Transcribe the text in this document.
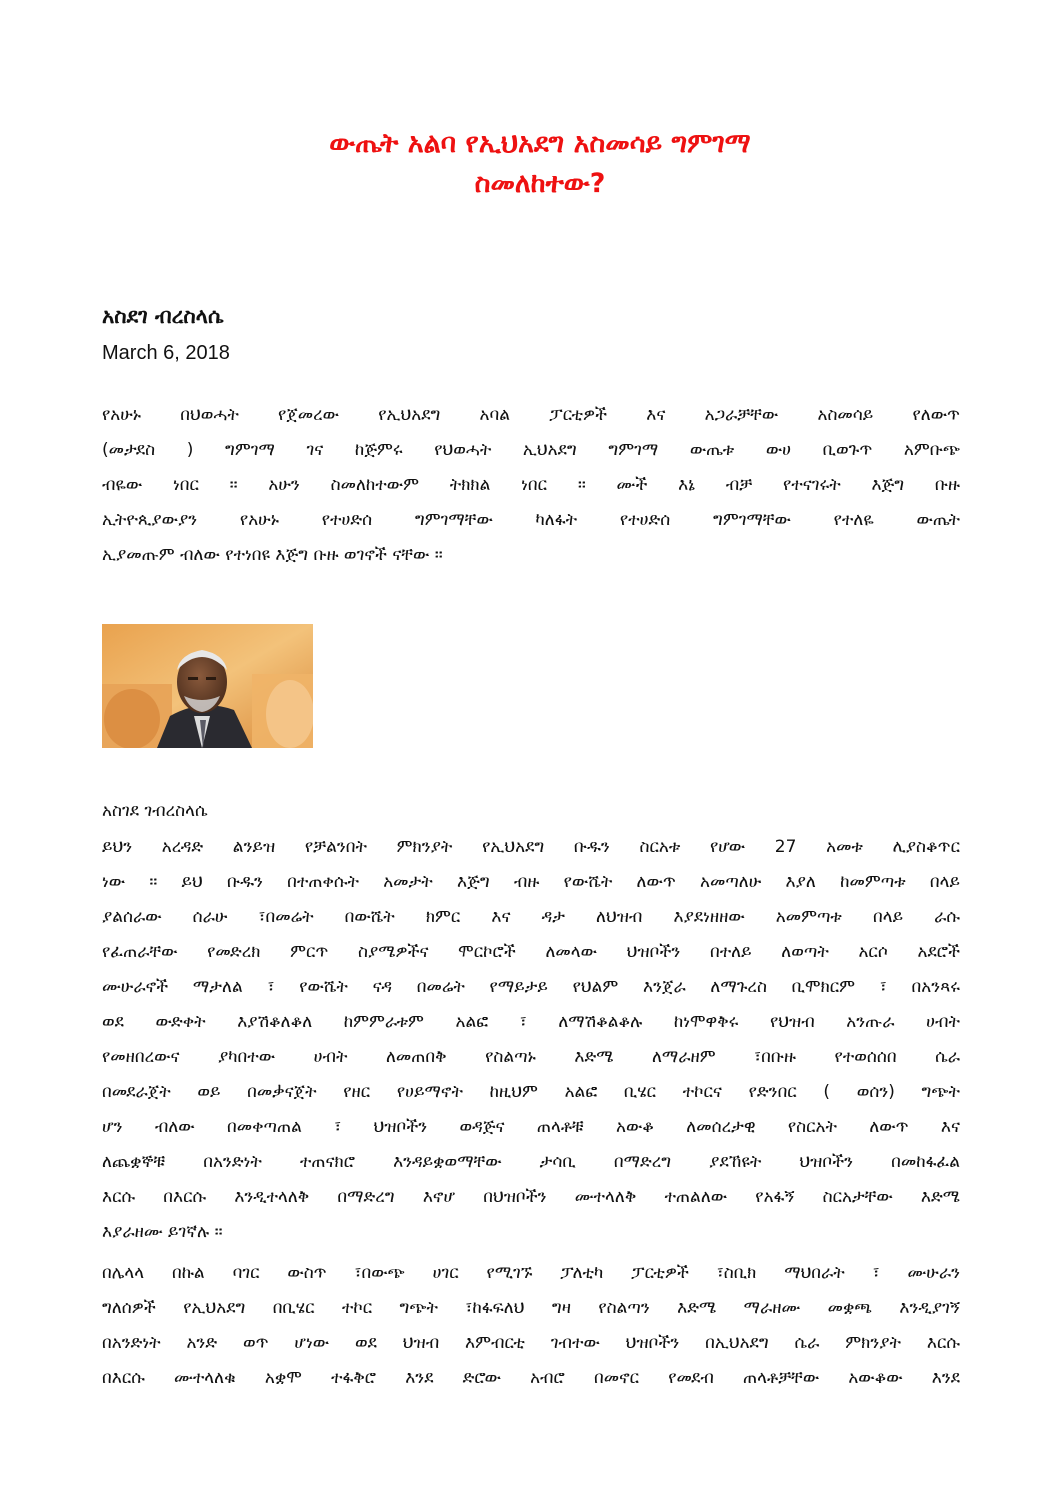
ውጤት አልባ የኢህአደግ አስመሳይ ግምገማ
ስመለከተው?

አስደገ ብረስላሴ

March 6, 2018

የአሁኑ በህወሓት የጀመረው የኢህአደግ አባል ፓርቲዎች እና አጋራቻቸው አስመሳይ የለውጥ
(መታደስ ) ግምገማ ገና ከጅምሩ የህወሓት ኢህአደግ ግምገማ ውጤቱ ውሀ ቢወጉጥ አምቡጭ
ብዬው ነበር ። አሁን ስመለከተውም ትክክል ነበር ። ሙች እኔ ብቻ የተናገሩት እጅግ ቡዙ
ኢትዮጲያውያን የአሁኑ የተሀድሰ ግምገማቸው ካለፋት የተሀድሰ ግምገማቸው የተለዬ ውጤት
ኢያመጡም ብለው የተነበዩ እጅግ ቡዙ ወገኖች ናቸው ።

አስገደ ገብረስላሴ

ይህን አረዳድ ልንይዝ የቻልንበት ምክንያት የኢህአደግ ቡዱን ስርአቱ የሆው 27 አመቱ ሊያስቆጥር
ነው ። ይህ ቡዱን በተጠቀሱት አመታት እጅግ ብዙ የውሼት ለውጥ አመጣለሁ እያለ ከመምጣቱ በላይ
ያልሰራው ሰራሁ ፣በመሬት በውሼት ክምር እና ዳታ ለህዝብ እያደነዘዘው አመምጣቱ በላይ ራሱ
የፈጠራቸው የመድረክ ምርጥ ስያሜዎችና ሞርኮሮች ለመላው ህዝቦችን በተለይ ለወጣት አርሶ አደሮች
ሙሁራኖች ማታለል ፣ የውሼት ናዳ በመሬት የማይታይ የህልም እንጀራ ለማጉረስ ቢሞክርም ፣ በአንጻሩ
ወደ ውድቀት እያሽቆለቆለ ከምምራቱም አልፎ ፣ ለማሽቆልቆሉ ከነሞዋቅሩ የህዝብ አንጡራ ሀብት
የመዘበረውና ያካበተው ሀብት ለመጠበቅ የስልጣኑ እድሜ ለማራዘም ፣በቡዙ የተወሰሰበ ሴራ
በመደራጀት ወይ በመቃናጀት የዘር የሀይማኖት ከዚህም አልፎ ቢሄር ተኮርና የድንበር ( ወሰን) ግጭት
ሆን ብለው በመቀጣጠል ፣ ህዝቦችን ወዳጅና ጠላቶቹ አውቆ ለመሰረታዊ የስርአት ለውጥ እና
ለጨቋኞቹ በአንድነት ተጠናክሮ እንዳይቋወማቸው ታሳቢ በማድረግ ያደኸዩት ህዝቦችን በመከፋፈል
እርሱ በእርሱ እንዲተላለቅ በማድረግ እኖሆ በህዝቦችን ሙተላለቅ ተጠልለው የአፋኝ ስርአታቸው እድሜ
እያራዘሙ ይገኛሉ ።
በሌላላ በኩል ባገር ውስጥ ፣በውጭ ሀገር የሚገኙ ፓለቲካ ፓርቲዎች ፣ስቢክ ማህበራት ፣ ሙሁራን
ግለሰዎች የኢህአደግ በቢሄር ተኮር ግጭት ፣ከፋፍለህ ግዛ የስልጣን እድሜ ማራዘሙ መቋጫ እንዲያገኝ
በአንድነት አንድ ወጥ ሆነው ወደ ህዝብ እምብርቲ ገብተው ህዝቦችን በኢህአደግ ሴራ ምክንያት እርሱ
በእርሱ ሙተላለቁ አቋሞ ተፋቅሮ እንደ ድሮው አብሮ በመኖር የመደብ ጠላቶቻቸው አውቆው እንደ
